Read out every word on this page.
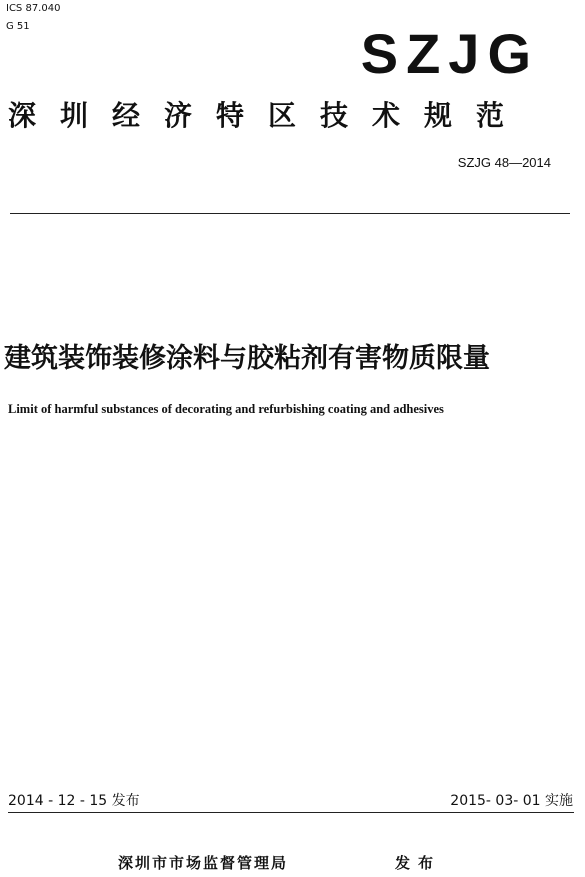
ICS 87.040
G 51	SZJG
深圳经济特区技术规范
SZJG 48—2014
建筑装饰装修涂料与胶粘剂有害物质限量
Limit of harmful substances of decorating and refurbishing coating and adhesives
2014 - 12 - 15 发布	2015- 03- 01 实施
深圳市市场监督管理局	发布
